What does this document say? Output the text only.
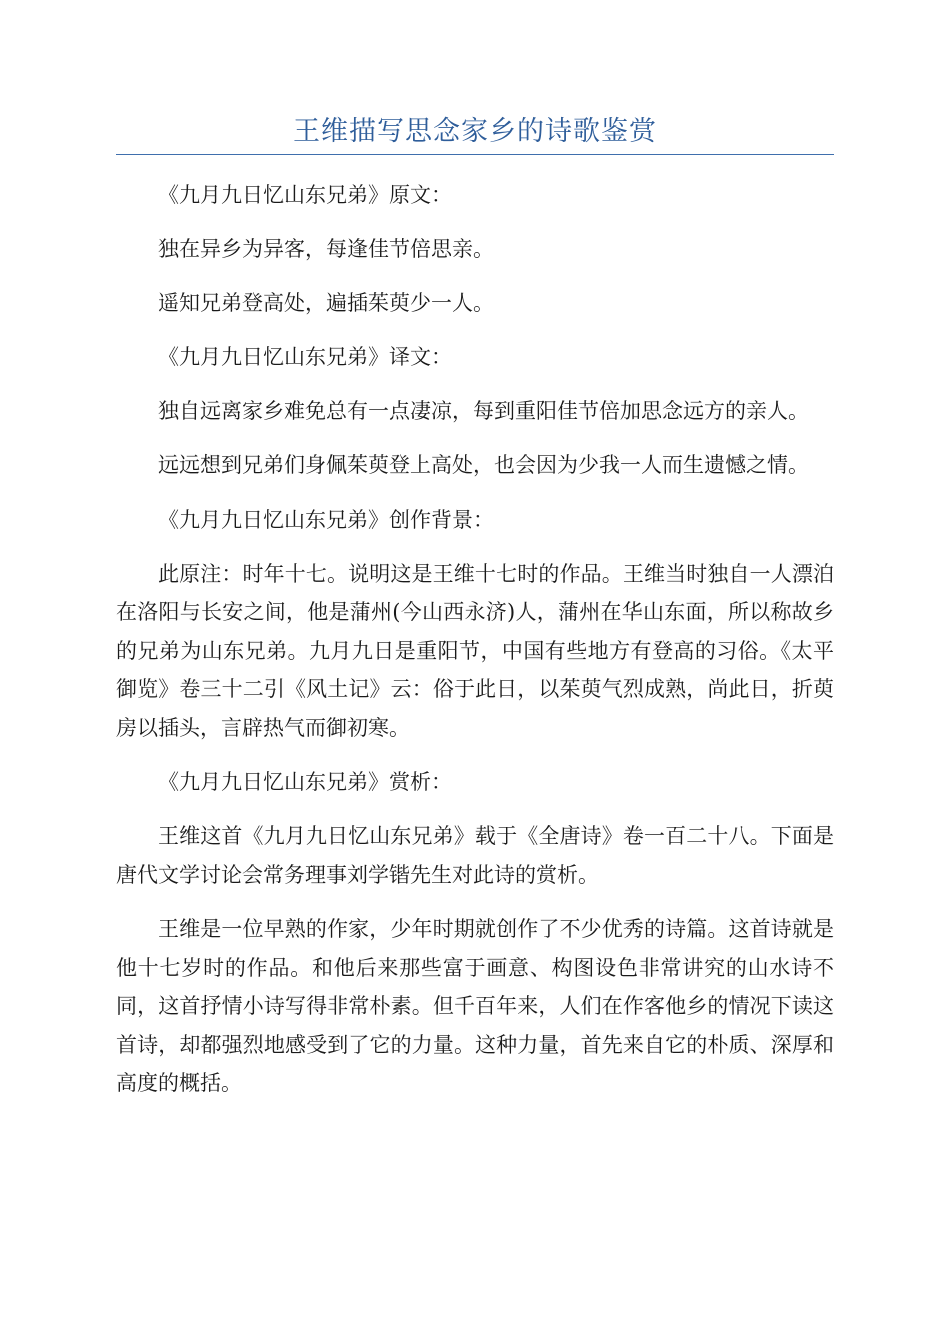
王维描写思念家乡的诗歌鉴赏

《九月九日忆山东兄弟》原文：

独在异乡为异客，每逢佳节倍思亲。

遥知兄弟登高处，遍插茱萸少一人。

《九月九日忆山东兄弟》译文：

独自远离家乡难免总有一点凄凉，每到重阳佳节倍加思念远方的亲人。

远远想到兄弟们身佩茱萸登上高处，也会因为少我一人而生遗憾之情。

《九月九日忆山东兄弟》创作背景：

此原注：时年十七。说明这是王维十七时的作品。王维当时独自一人漂泊在洛阳与长安之间，他是蒲州(今山西永济)人，蒲州在华山东面，所以称故乡的兄弟为山东兄弟。九月九日是重阳节，中国有些地方有登高的习俗。《太平御览》卷三十二引《风土记》云：俗于此日，以茱萸气烈成熟，尚此日，折萸房以插头，言辟热气而御初寒。

《九月九日忆山东兄弟》赏析：

王维这首《九月九日忆山东兄弟》载于《全唐诗》卷一百二十八。下面是唐代文学讨论会常务理事刘学锴先生对此诗的赏析。

王维是一位早熟的作家，少年时期就创作了不少优秀的诗篇。这首诗就是他十七岁时的作品。和他后来那些富于画意、构图设色非常讲究的山水诗不同，这首抒情小诗写得非常朴素。但千百年来，人们在作客他乡的情况下读这首诗，却都强烈地感受到了它的力量。这种力量，首先来自它的朴质、深厚和高度的概括。
